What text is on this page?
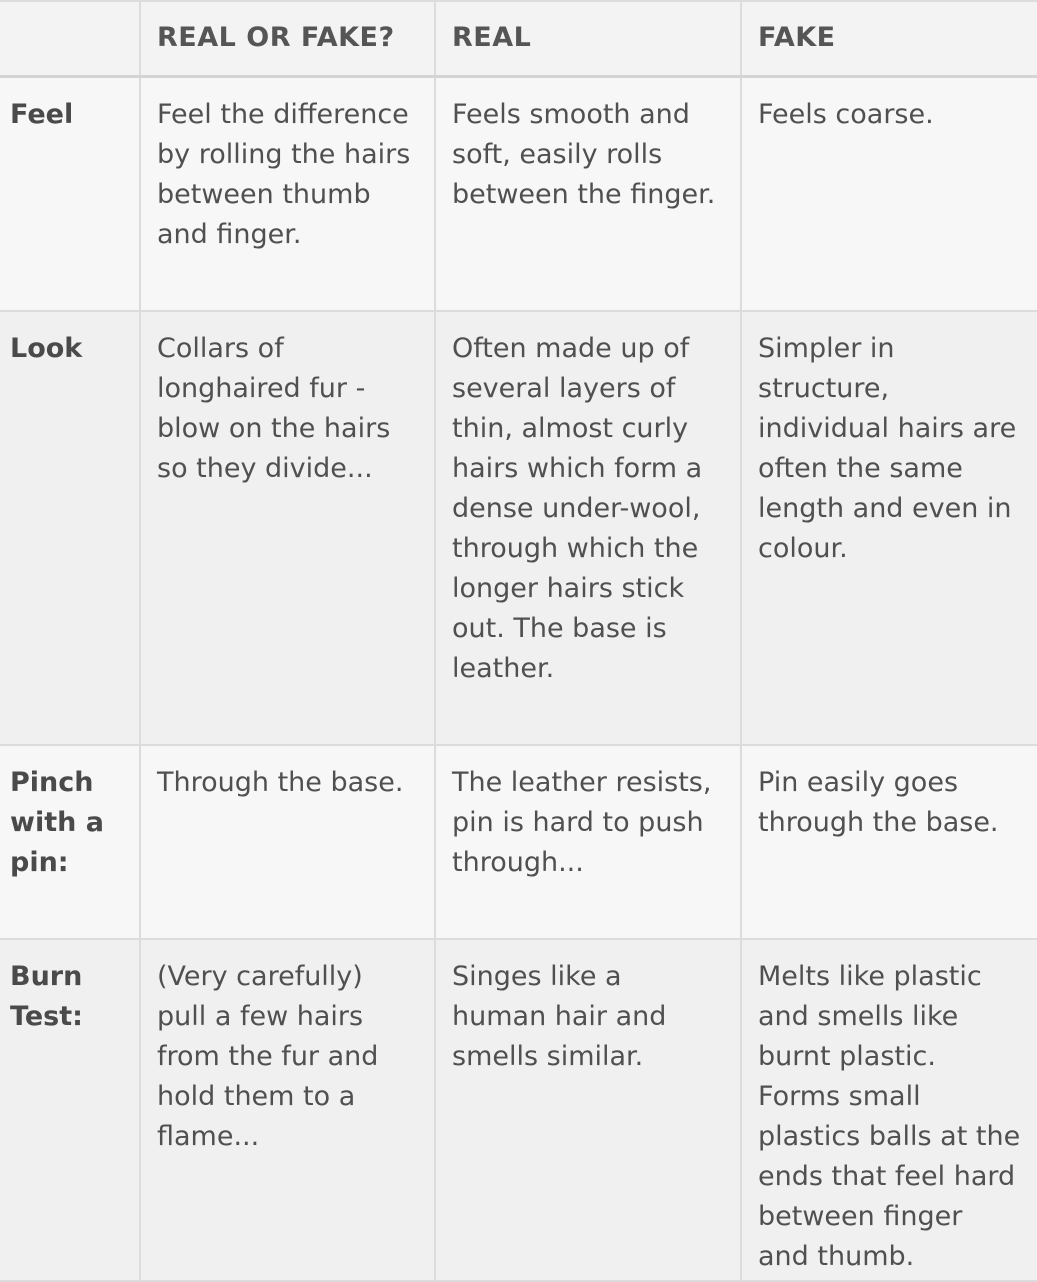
	REAL OR FAKE?	REAL	FAKE
Feel	Feel the difference by rolling the hairs between thumb and finger.	Feels smooth and soft, easily rolls between the finger.	Feels coarse.
Look	Collars of longhaired fur - blow on the hairs so they divide...	Often made up of several layers of thin, almost curly hairs which form a dense under-wool, through which the longer hairs stick out. The base is leather.	Simpler in structure, individual hairs are often the same length and even in colour.
Pinch with a pin:	Through the base.	The leather resists, pin is hard to push through...	Pin easily goes through the base.
Burn Test:	(Very carefully) pull a few hairs from the fur and hold them to a flame...	Singes like a human hair and smells similar.	Melts like plastic and smells like burnt plastic. Forms small plastics balls at the ends that feel hard between finger and thumb.
